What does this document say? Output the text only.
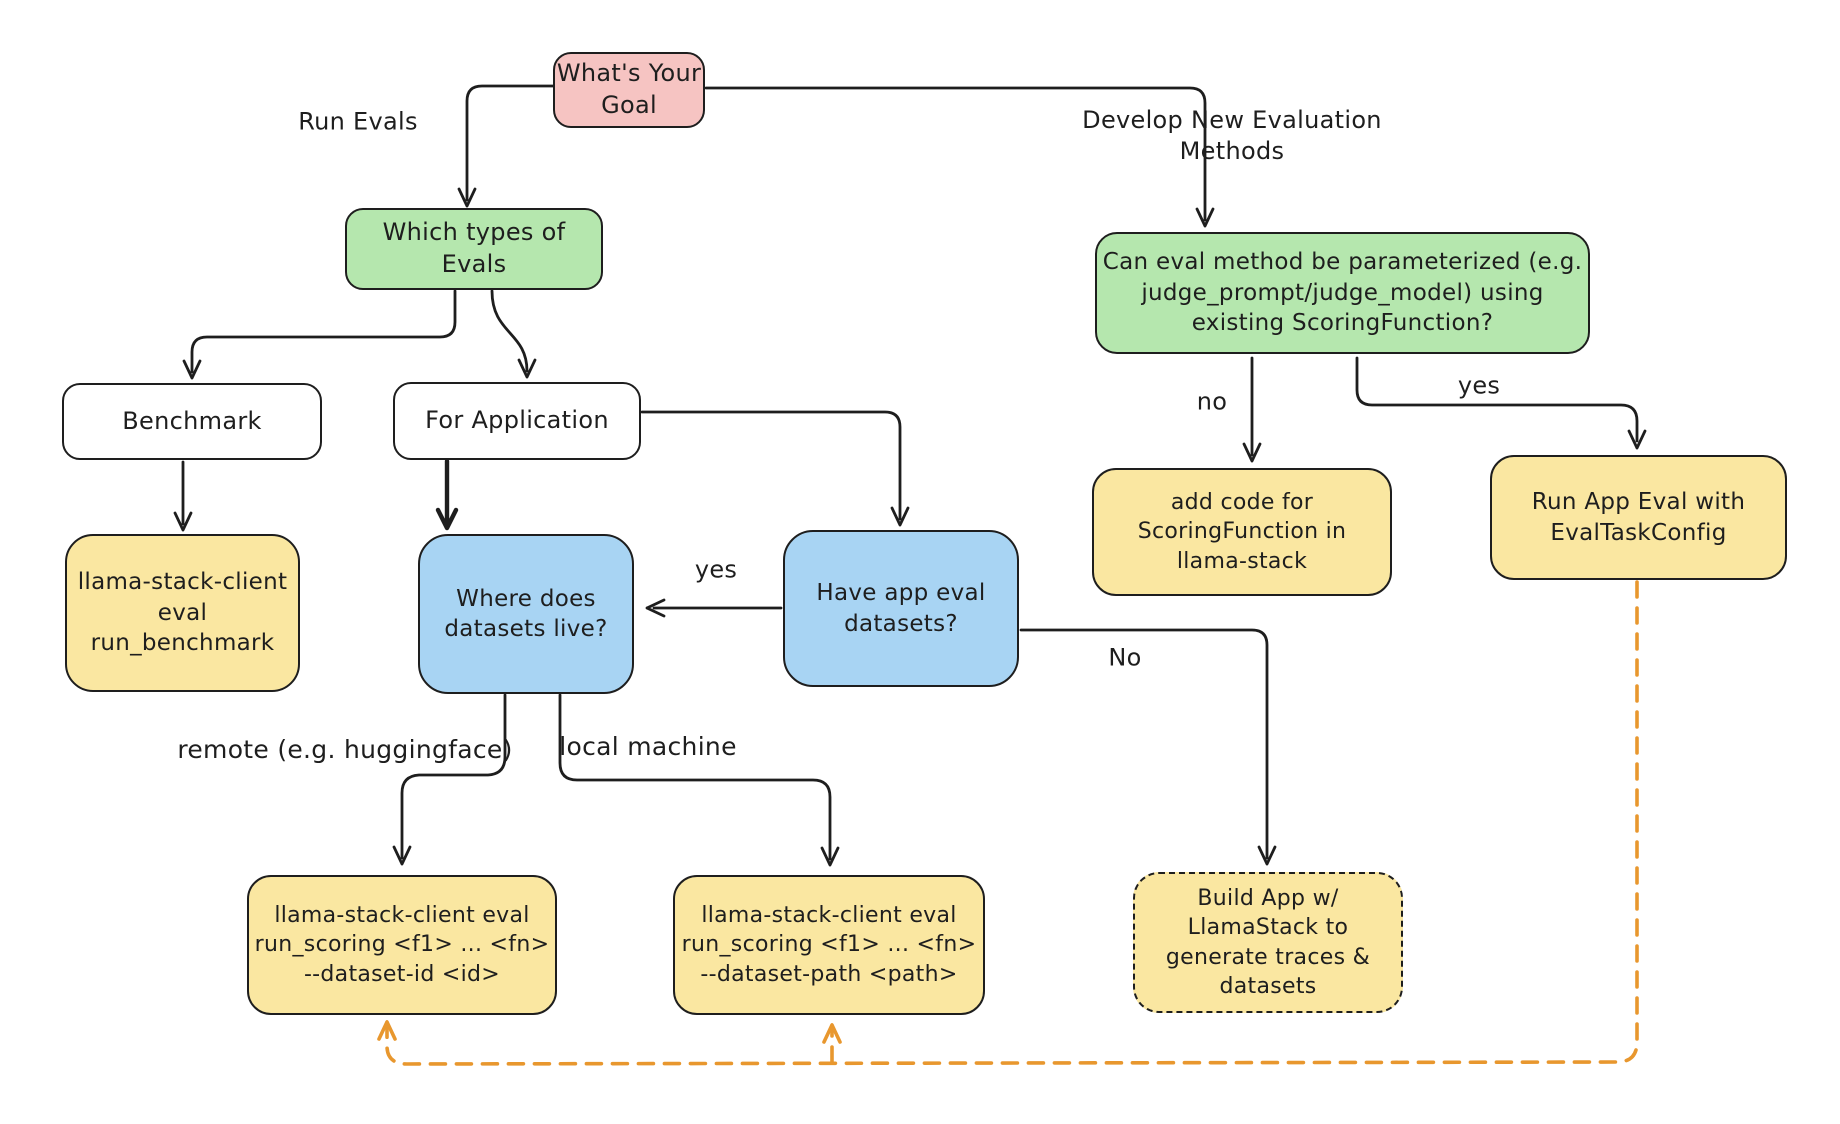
What's Your
Goal
Which types of
Evals	Can eval method be parameterized (e.g.
judge_prompt/judge_model) using
existing ScoringFunction?
Benchmark	For Application
llama-stack-client
eval run_benchmark
Where does
datasets live?
Have app eval
datasets?
add code for
ScoringFunction in
llama-stack
Run App Eval with
EvalTaskConfig
llama-stack-client eval
run_scoring <f1> ... <fn>
--dataset-id <id>
llama-stack-client eval
run_scoring <f1> ... <fn>
--dataset-path <path>
Build App w/
LlamaStack to
generate traces &
datasets
Run Evals	Develop New Evaluation
Methods
no
yes
yes
No
remote (e.g. huggingface) local machine
